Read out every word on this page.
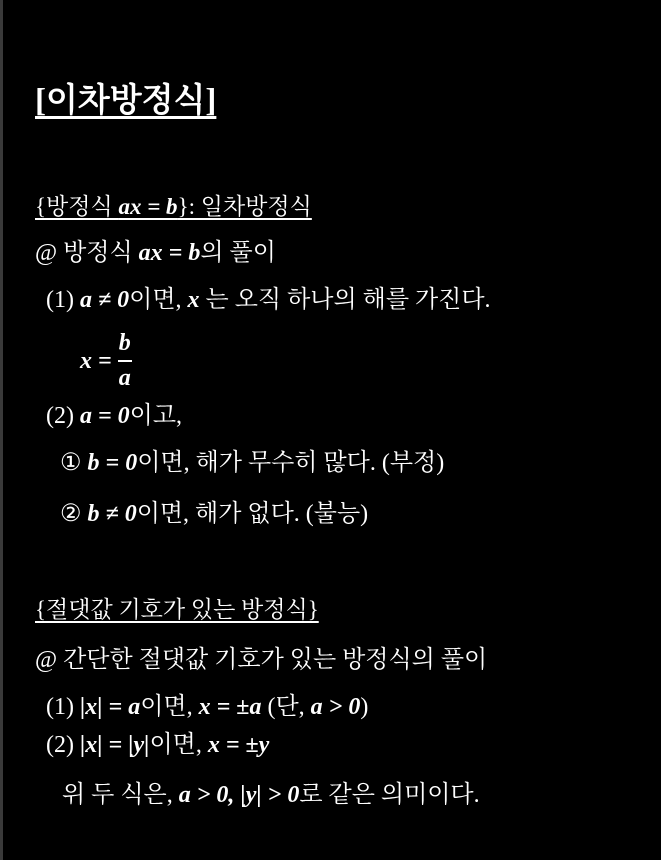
[이차방정식]
{방정식 ax = b}: 일차방정식
@ 방정식 ax = b의 풀이
(1) a ≠ 0이면, x 는 오직 하나의 해를 가진다.
x =
b
a
(2) a = 0이고,
① b = 0이면, 해가 무수히 많다. (부정)
② b ≠ 0이면, 해가 없다. (불능)
{절댓값 기호가 있는 방정식}
@ 간단한 절댓값 기호가 있는 방정식의 풀이
(1) |x| = a이면, x = ±a (단, a > 0)
(2) |x| = |y|이면, x = ±y
위 두 식은, a > 0, |y| > 0로 같은 의미이다.
